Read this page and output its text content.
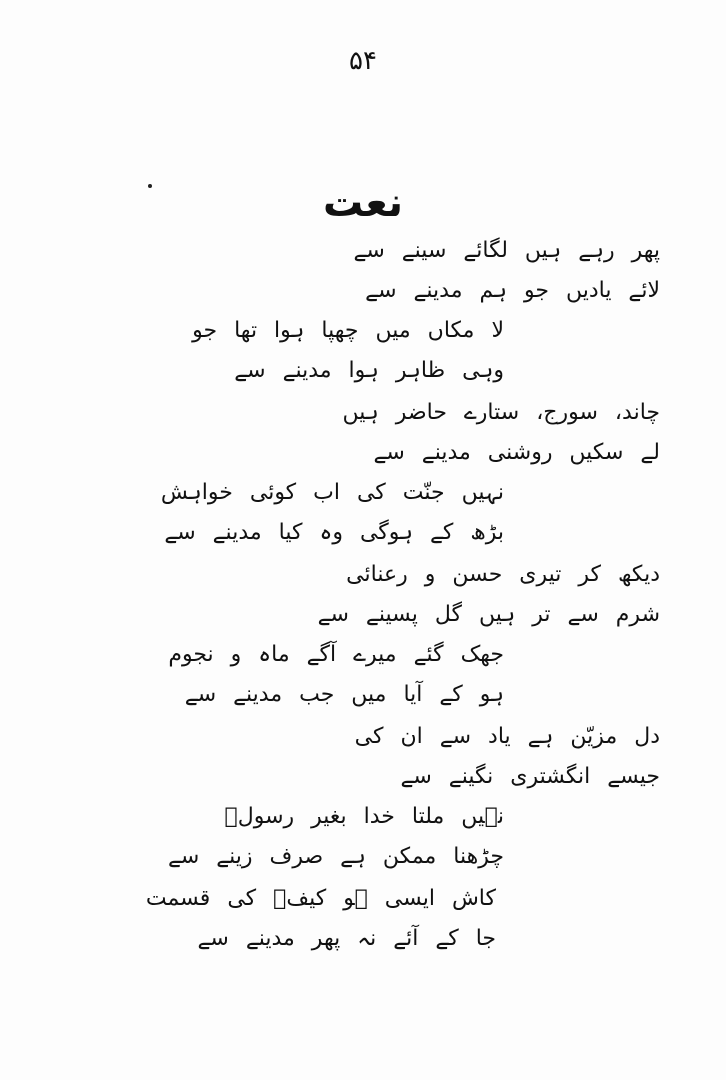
۵۴
نعت
پھر رہے ہیں لگائے سینے سے
لائے یادیں جو ہم مدینے سے
لا مکاں میں چھپا ہوا تھا جو
وہی ظاہر ہوا مدینے سے
چاند، سورج، ستارے حاضر ہیں
لے سکیں روشنی مدینے سے
نہیں جنّت کی اب کوئی خواہش
بڑھ کے ہوگی وہ کیا مدینے سے
دیکھ کر تیری حسن و رعنائی
شرم سے تر ہیں گل پسینے سے
جھک گئے میرے آگے ماہ و نجوم
ہو کے آیا میں جب مدینے سے
دل مزیّن ہے یاد سے ان کی
جیسے انگشتری نگینے سے
نہیں ملتا خدا بغیر رسولؐ
چڑھنا ممکن ہے صرف زینے سے
کاش ایسی ہو کیفؔ کی قسمت
جا کے آئے نہ پھر مدینے سے
